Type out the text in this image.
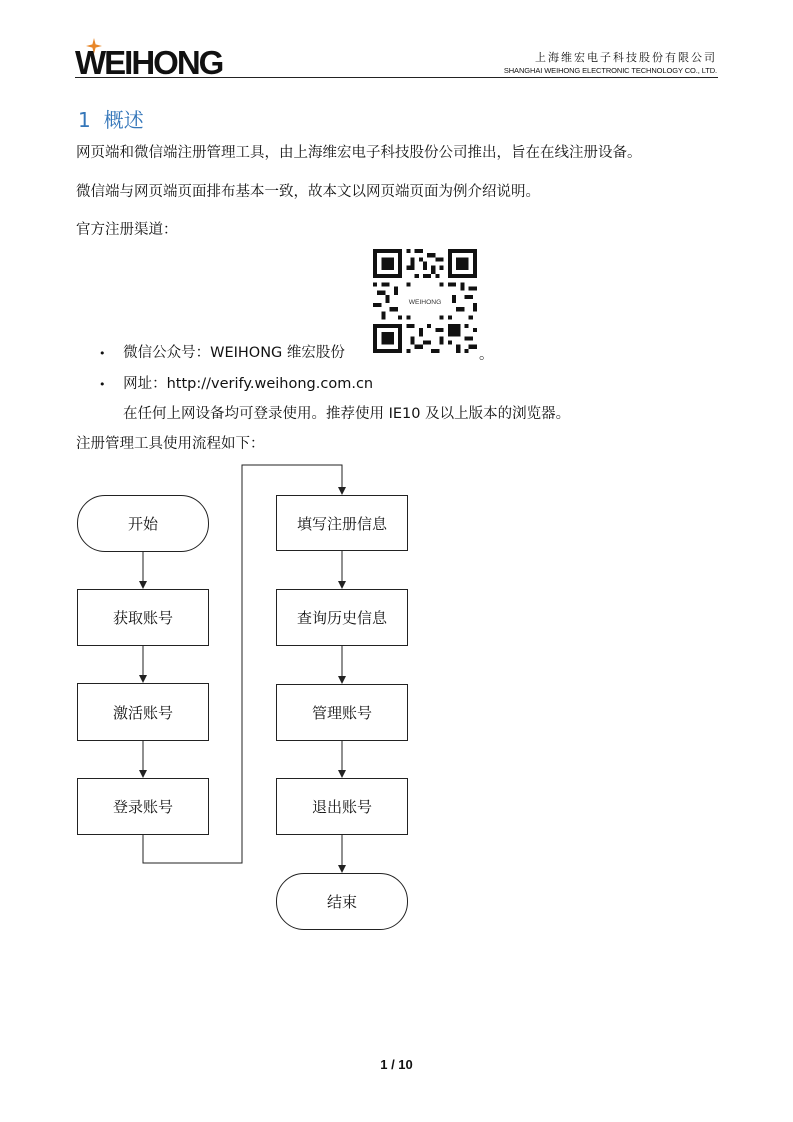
WEIHONG	上海维宏电子科技股份有限公司
SHANGHAI WEIHONG ELECTRONIC TECHNOLOGY CO., LTD.
1 概述
网页端和微信端注册管理工具，由上海维宏电子科技股份公司推出，旨在在线注册设备。
微信端与网页端页面排布基本一致，故本文以网页端页面为例介绍说明。
官方注册渠道：
WEIHONG
• 微信公众号：WEIHONG 维宏股份	。
• 网址：http://verify.weihong.com.cn
在任何上网设备均可登录使用。推荐使用 IE10 及以上版本的浏览器。
注册管理工具使用流程如下：
开始
获取账号
激活账号
登录账号
填写注册信息
查询历史信息
管理账号
退出账号
结束
1 / 10
